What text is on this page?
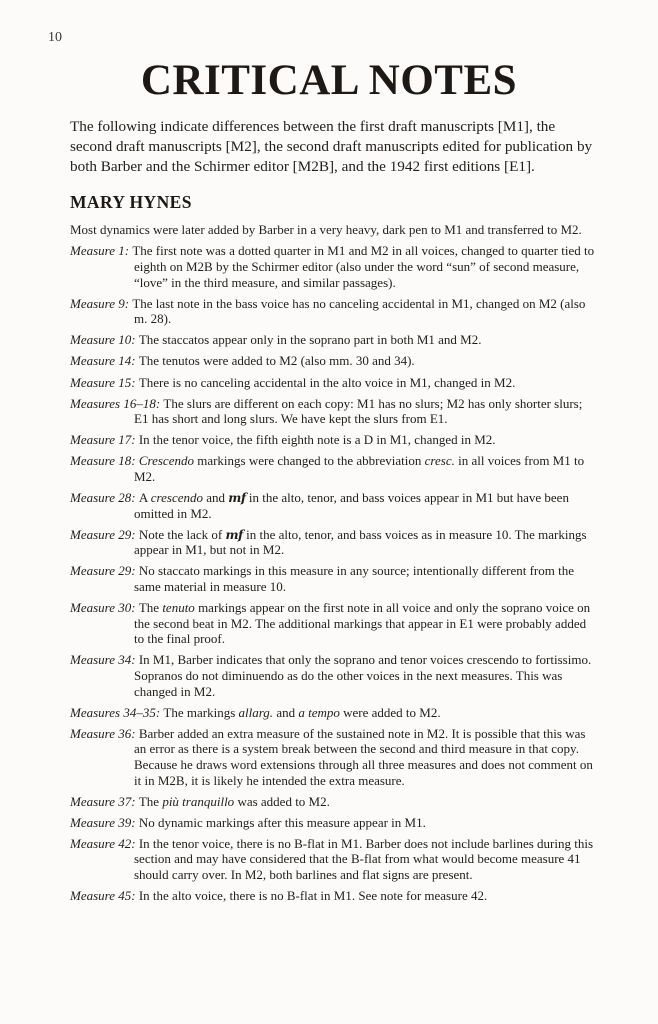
10
CRITICAL NOTES

The following indicate differences between the first draft manuscripts [M1], the second draft manuscripts [M2], the second draft manuscripts edited for publication by both Barber and the Schirmer editor [M2B], and the 1942 first editions [E1].

MARY HYNES

Most dynamics were later added by Barber in a very heavy, dark pen to M1 and transferred to M2.

Measure 1: The first note was a dotted quarter in M1 and M2 in all voices, changed to quarter tied to eighth on M2B by the Schirmer editor (also under the word “sun” of second measure, “love” in the third measure, and similar passages).

Measure 9: The last note in the bass voice has no canceling accidental in M1, changed on M2 (also m. 28).

Measure 10: The staccatos appear only in the soprano part in both M1 and M2.

Measure 14: The tenutos were added to M2 (also mm. 30 and 34).

Measure 15: There is no canceling accidental in the alto voice in M1, changed in M2.

Measures 16–18: The slurs are different on each copy: M1 has no slurs; M2 has only shorter slurs; E1 has short and long slurs. We have kept the slurs from E1.

Measure 17: In the tenor voice, the fifth eighth note is a D in M1, changed in M2.

Measure 18: Crescendo markings were changed to the abbreviation cresc. in all voices from M1 to M2.

Measure 28: A crescendo and mf in the alto, tenor, and bass voices appear in M1 but have been omitted in M2.

Measure 29: Note the lack of mf in the alto, tenor, and bass voices as in measure 10. The markings appear in M1, but not in M2.

Measure 29: No staccato markings in this measure in any source; intentionally different from the same material in measure 10.

Measure 30: The tenuto markings appear on the first note in all voice and only the soprano voice on the second beat in M2. The additional markings that appear in E1 were probably added to the final proof.

Measure 34: In M1, Barber indicates that only the soprano and tenor voices crescendo to fortissimo. Sopranos do not diminuendo as do the other voices in the next measures. This was changed in M2.

Measures 34–35: The markings allarg. and a tempo were added to M2.

Measure 36: Barber added an extra measure of the sustained note in M2. It is possible that this was an error as there is a system break between the second and third measure in that copy. Because he draws word extensions through all three measures and does not comment on it in M2B, it is likely he intended the extra measure.

Measure 37: The più tranquillo was added to M2.

Measure 39: No dynamic markings after this measure appear in M1.

Measure 42: In the tenor voice, there is no B-flat in M1. Barber does not include barlines during this section and may have considered that the B-flat from what would become measure 41 should carry over. In M2, both barlines and flat signs are present.

Measure 45: In the alto voice, there is no B-flat in M1. See note for measure 42.
